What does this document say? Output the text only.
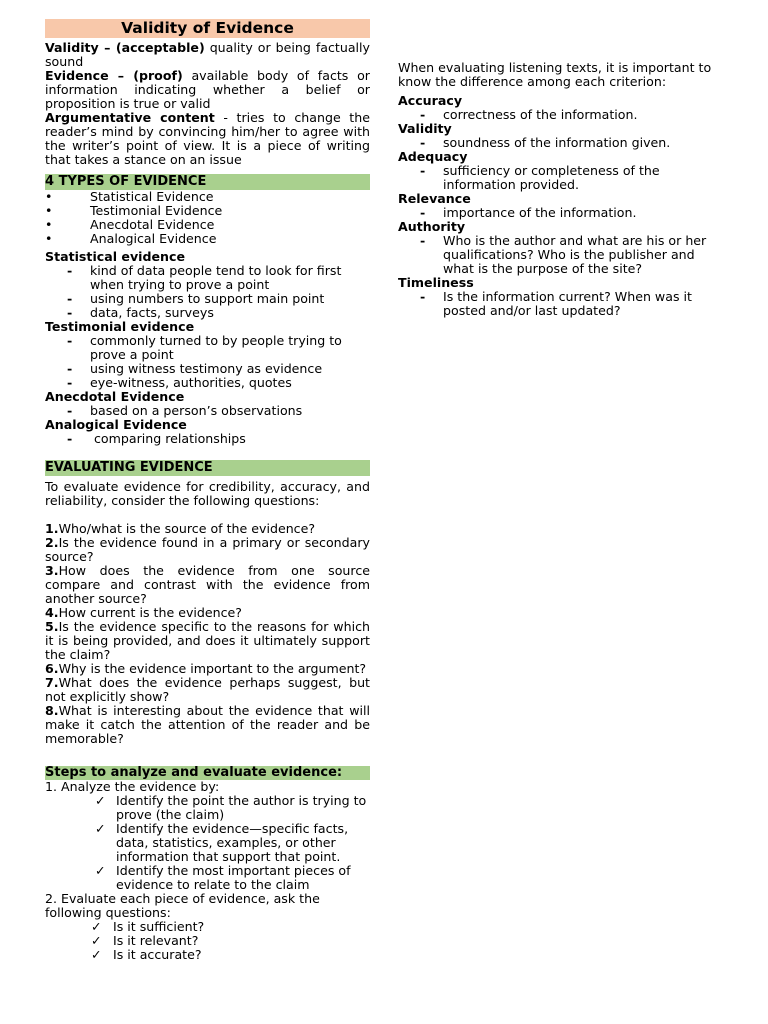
Validity of Evidence
Validity – (acceptable) quality or being factually sound
Evidence – (proof) available body of facts or information indicating whether a belief or proposition is true or valid
Argumentative content - tries to change the reader’s mind by convincing him/her to agree with the writer’s point of view. It is a piece of writing that takes a stance on an issue
4 TYPES OF EVIDENCE
•	Statistical Evidence
•	Testimonial Evidence
•	Anecdotal Evidence
•	Analogical Evidence
Statistical evidence
- kind of data people tend to look for first when trying to prove a point
- using numbers to support main point
- data, facts, surveys
Testimonial evidence
- commonly turned to by people trying to prove a point
- using witness testimony as evidence
- eye-witness, authorities, quotes
Anecdotal Evidence
- based on a person’s observations
Analogical Evidence
- comparing relationships
EVALUATING EVIDENCE
To evaluate evidence for credibility, accuracy, and reliability, consider the following questions:
1.Who/what is the source of the evidence?
2.Is the evidence found in a primary or secondary source?
3.How does the evidence from one source compare and contrast with the evidence from another source?
4.How current is the evidence?
5.Is the evidence specific to the reasons for which it is being provided, and does it ultimately support the claim?
6.Why is the evidence important to the argument?
7.What does the evidence perhaps suggest, but not explicitly show?
8.What is interesting about the evidence that will make it catch the attention of the reader and be memorable?
Steps to analyze and evaluate evidence:
1. Analyze the evidence by:
✓ Identify the point the author is trying to prove (the claim)
✓ Identify the evidence—specific facts, data, statistics, examples, or other information that support that point.
✓ Identify the most important pieces of evidence to relate to the claim
2. Evaluate each piece of evidence, ask the following questions:
✓ Is it sufficient?
✓ Is it relevant?
✓ Is it accurate?
When evaluating listening texts, it is important to know the difference among each criterion:
Accuracy
- correctness of the information.
Validity
- soundness of the information given.
Adequacy
- sufficiency or completeness of the information provided.
Relevance
- importance of the information.
Authority
- Who is the author and what are his or her qualifications? Who is the publisher and what is the purpose of the site?
Timeliness
- Is the information current? When was it posted and/or last updated?
